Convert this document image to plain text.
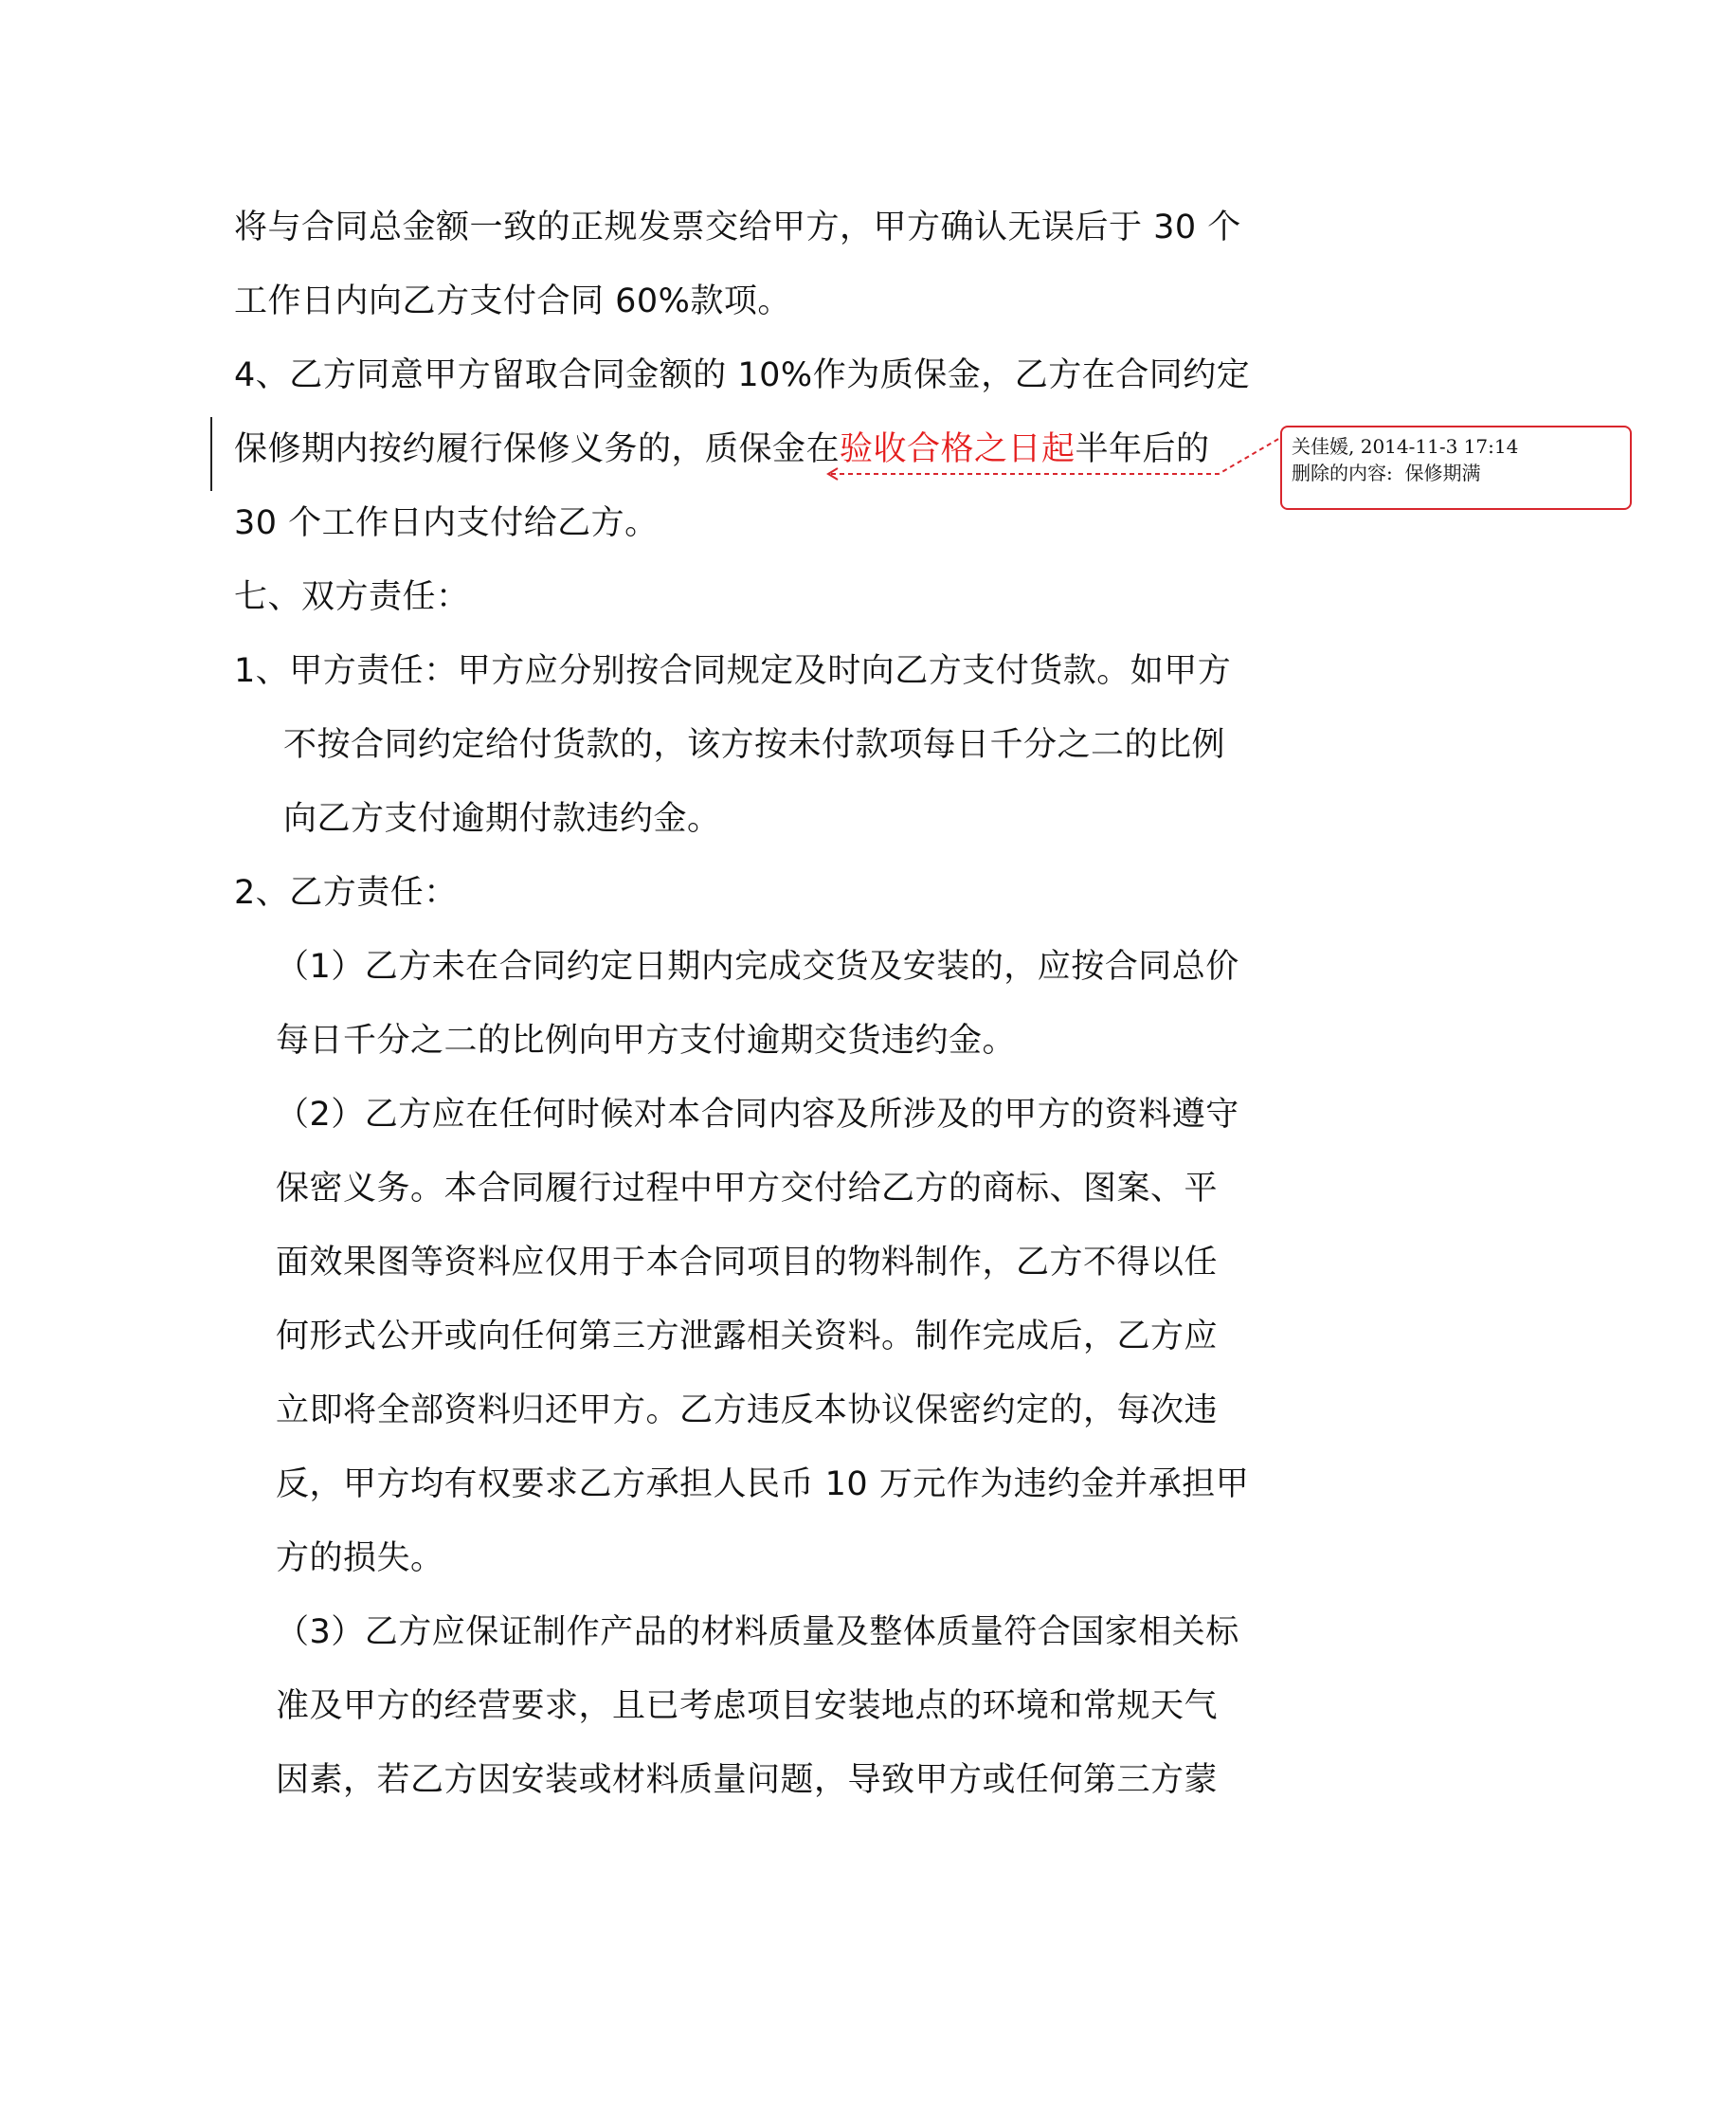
将与合同总金额一致的正规发票交给甲方，甲方确认无误后于 30 个
工作日内向乙方支付合同 60%款项。
4、乙方同意甲方留取合同金额的 10%作为质保金，乙方在合同约定
保修期内按约履行保修义务的，质保金在验收合格之日起半年后的
30 个工作日内支付给乙方。
七、双方责任：
1、甲方责任：甲方应分别按合同规定及时向乙方支付货款。如甲方
不按合同约定给付货款的，该方按未付款项每日千分之二的比例
向乙方支付逾期付款违约金。
2、乙方责任：
（1）乙方未在合同约定日期内完成交货及安装的，应按合同总价
每日千分之二的比例向甲方支付逾期交货违约金。
（2）乙方应在任何时候对本合同内容及所涉及的甲方的资料遵守
保密义务。本合同履行过程中甲方交付给乙方的商标、图案、平
面效果图等资料应仅用于本合同项目的物料制作，乙方不得以任
何形式公开或向任何第三方泄露相关资料。制作完成后，乙方应
立即将全部资料归还甲方。乙方违反本协议保密约定的，每次违
反，甲方均有权要求乙方承担人民币 10 万元作为违约金并承担甲
方的损失。
（3）乙方应保证制作产品的材料质量及整体质量符合国家相关标
准及甲方的经营要求，且已考虑项目安装地点的环境和常规天气
因素，若乙方因安装或材料质量问题，导致甲方或任何第三方蒙
关佳媛, 2014-11-3 17:14
删除的内容: 保修期满
